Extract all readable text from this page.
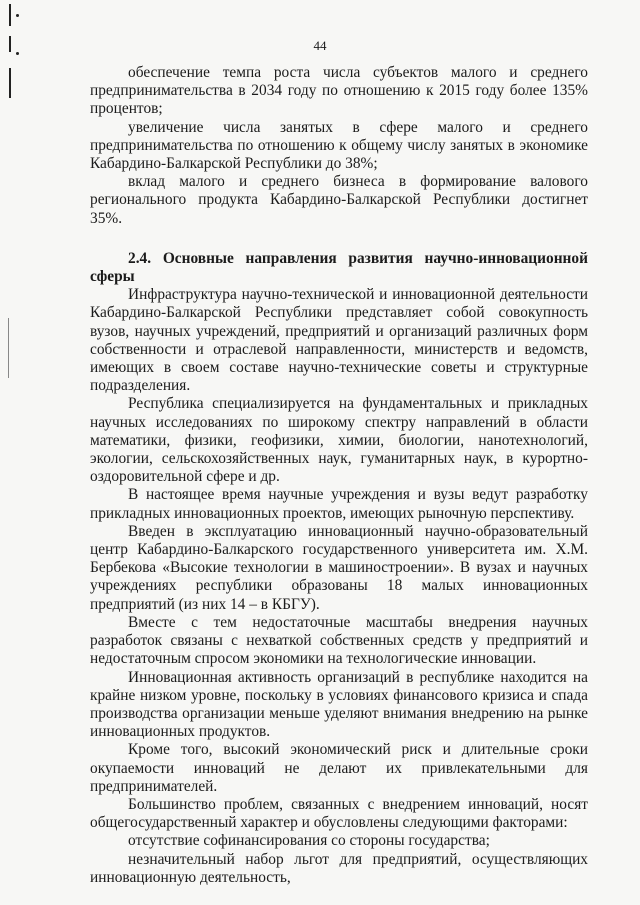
44

обеспечение темпа роста числа субъектов малого и среднего предпринимательства в 2034 году по отношению к 2015 году более 135% процентов;

увеличение числа занятых в сфере малого и среднего предпринимательства по отношению к общему числу занятых в экономике Кабардино-Балкарской Республики до 38%;

вклад малого и среднего бизнеса в формирование валового регионального продукта Кабардино-Балкарской Республики достигнет 35%.

2.4. Основные направления развития научно-инновационной сферы

Инфраструктура научно-технической и инновационной деятельности Кабардино-Балкарской Республики представляет собой совокупность вузов, научных учреждений, предприятий и организаций различных форм собственности и отраслевой направленности, министерств и ведомств, имеющих в своем составе научно-технические советы и структурные подразделения.

Республика специализируется на фундаментальных и прикладных научных исследованиях по широкому спектру направлений в области математики, физики, геофизики, химии, биологии, нанотехнологий, экологии, сельскохозяйственных наук, гуманитарных наук, в курортно-оздоровительной сфере и др.

В настоящее время научные учреждения и вузы ведут разработку прикладных инновационных проектов, имеющих рыночную перспективу.

Введен в эксплуатацию инновационный научно-образовательный центр Кабардино-Балкарского государственного университета им. Х.М. Бербекова «Высокие технологии в машиностроении». В вузах и научных учреждениях республики образованы 18 малых инновационных предприятий (из них 14 – в КБГУ).

Вместе с тем недостаточные масштабы внедрения научных разработок связаны с нехваткой собственных средств у предприятий и недостаточным спросом экономики на технологические инновации.

Инновационная активность организаций в республике находится на крайне низком уровне, поскольку в условиях финансового кризиса и спада производства организации меньше уделяют внимания внедрению на рынке инновационных продуктов.

Кроме того, высокий экономический риск и длительные сроки окупаемости инноваций не делают их привлекательными для предпринимателей.

Большинство проблем, связанных с внедрением инноваций, носят общегосударственный характер и обусловлены следующими факторами:

отсутствие софинансирования со стороны государства;

незначительный набор льгот для предприятий, осуществляющих инновационную деятельность,
